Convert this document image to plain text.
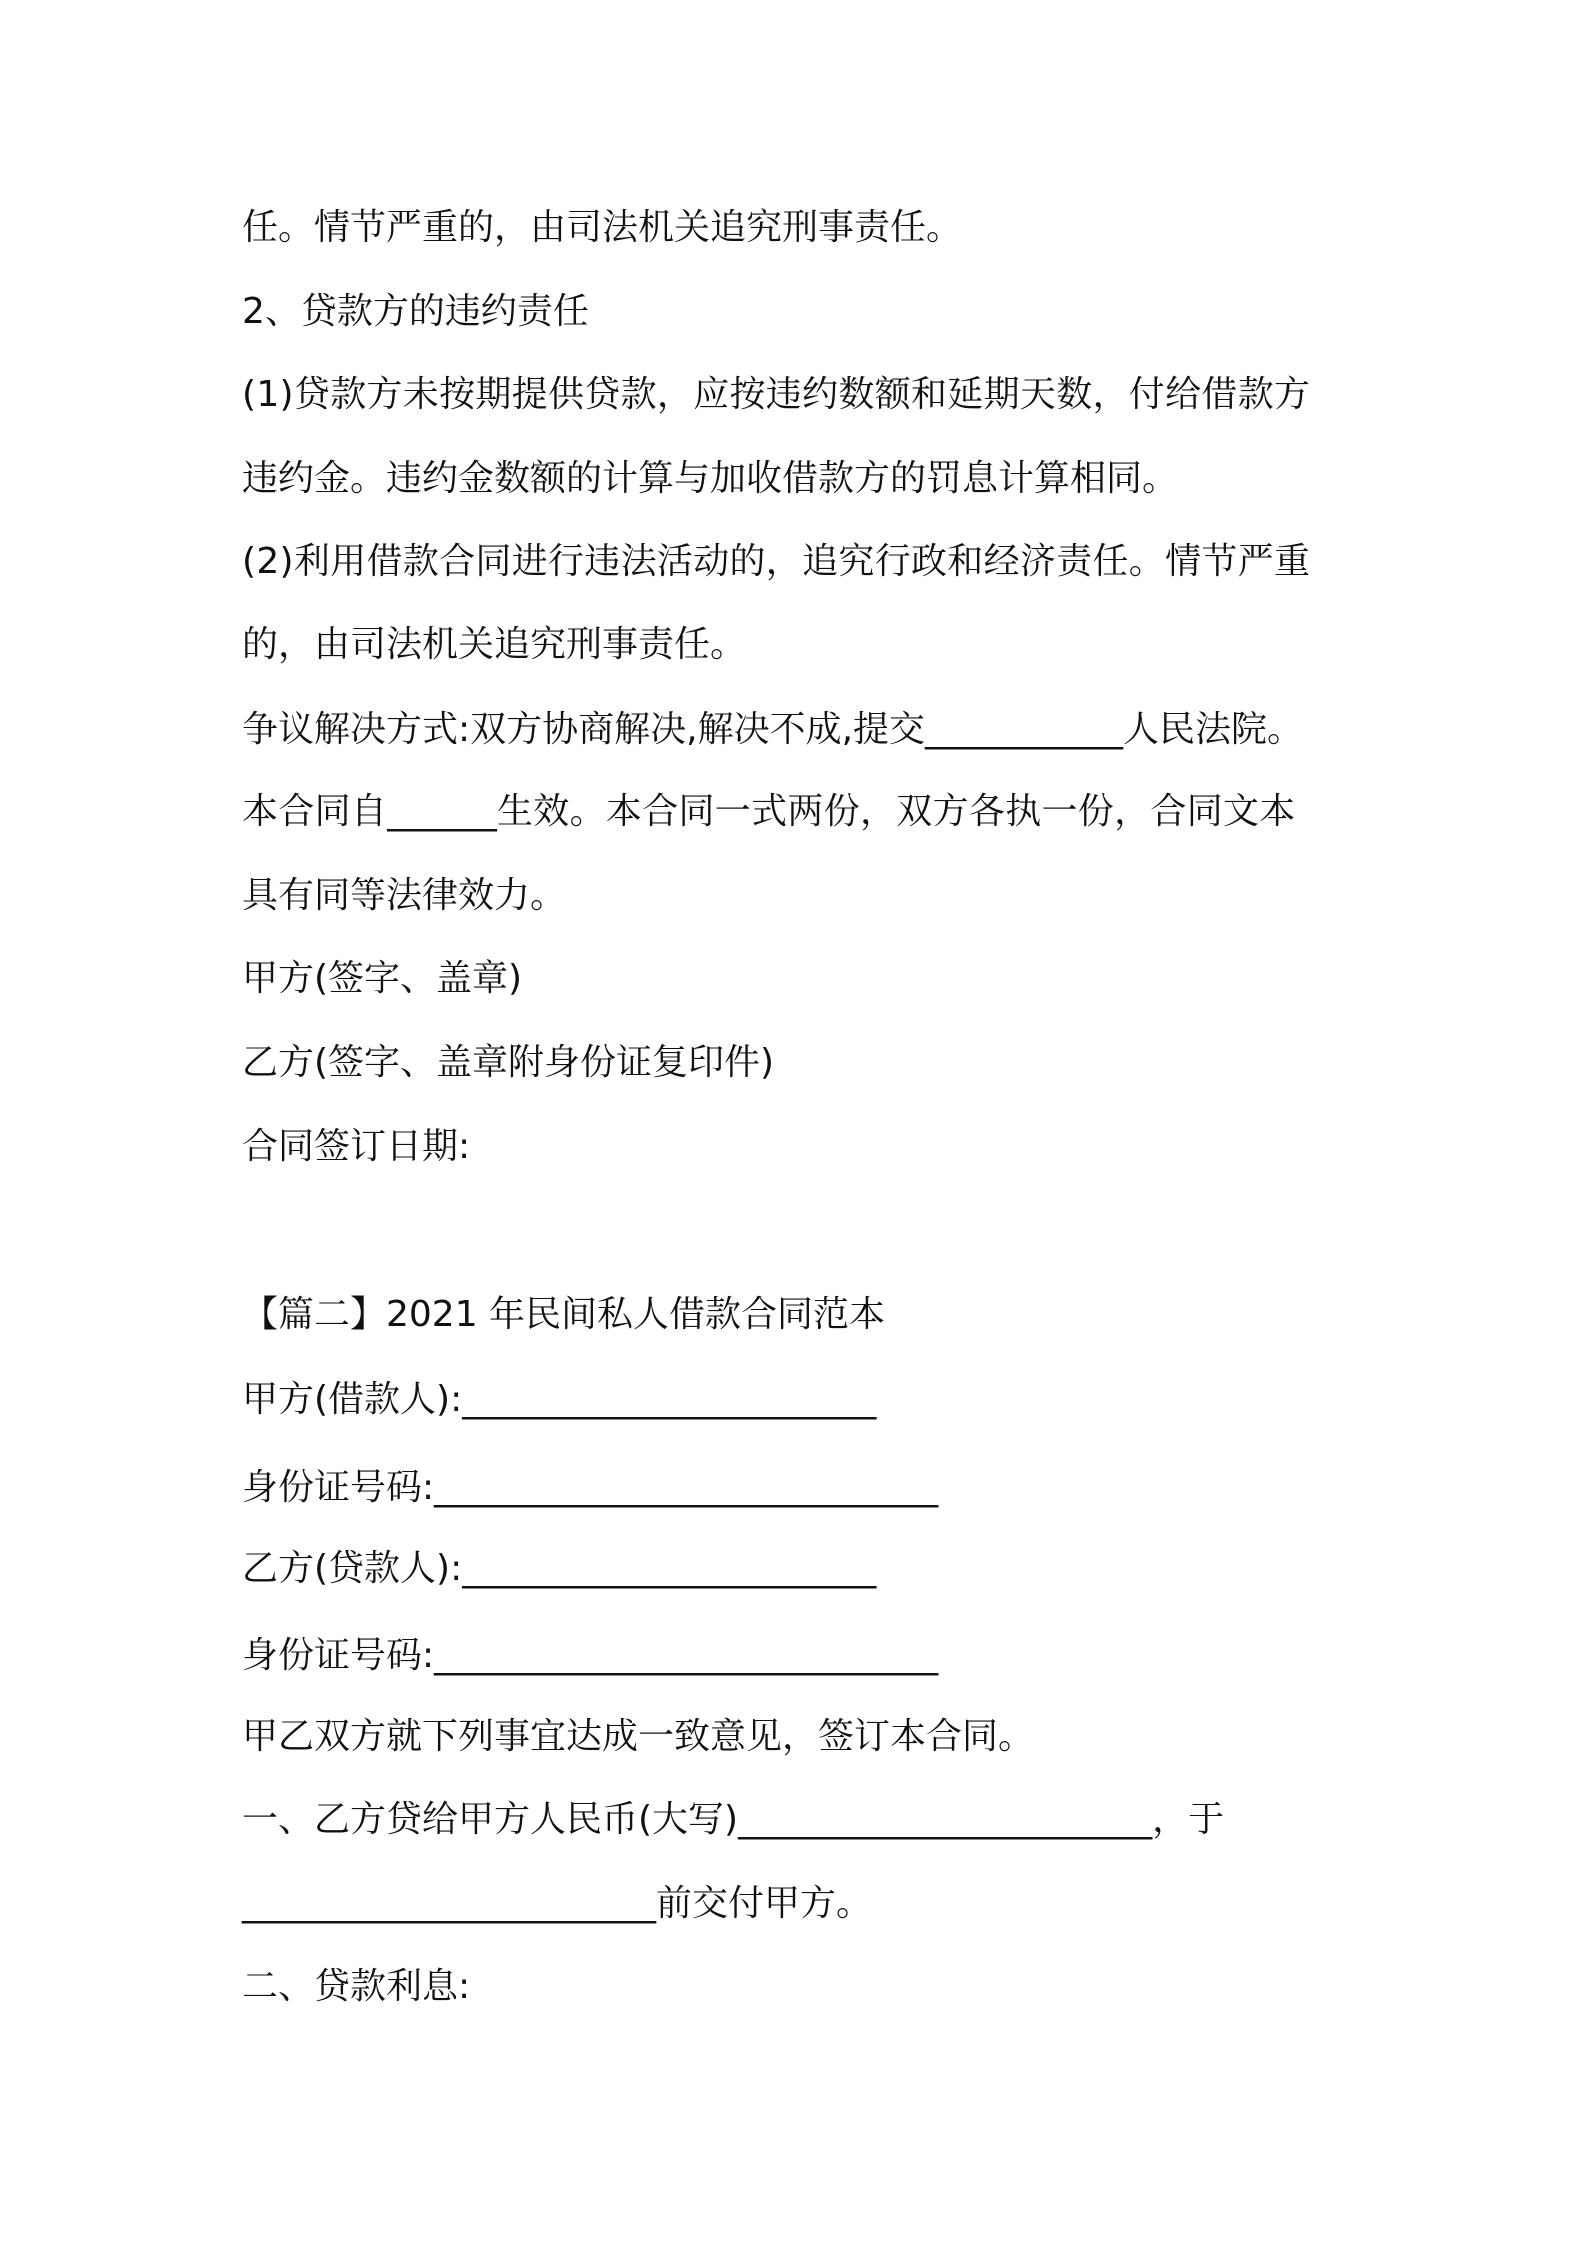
任。情节严重的，由司法机关追究刑事责任。
2、贷款方的违约责任
(1)贷款方未按期提供贷款，应按违约数额和延期天数，付给借款方
违约金。违约金数额的计算与加收借款方的罚息计算相同。
(2)利用借款合同进行违法活动的，追究行政和经济责任。情节严重
的，由司法机关追究刑事责任。
争议解决方式:双方协商解决,解决不成,提交___________人民法院。
本合同自______生效。本合同一式两份，双方各执一份，合同文本
具有同等法律效力。
甲方(签字、盖章)
乙方(签字、盖章附身份证复印件)
合同签订日期:
【篇二】2021 年民间私人借款合同范本
甲方(借款人):_______________________
身份证号码:____________________________
乙方(贷款人):_______________________
身份证号码:____________________________
甲乙双方就下列事宜达成一致意见，签订本合同。
一、乙方贷给甲方人民币(大写)_______________________，于
_______________________前交付甲方。
二、贷款利息:
